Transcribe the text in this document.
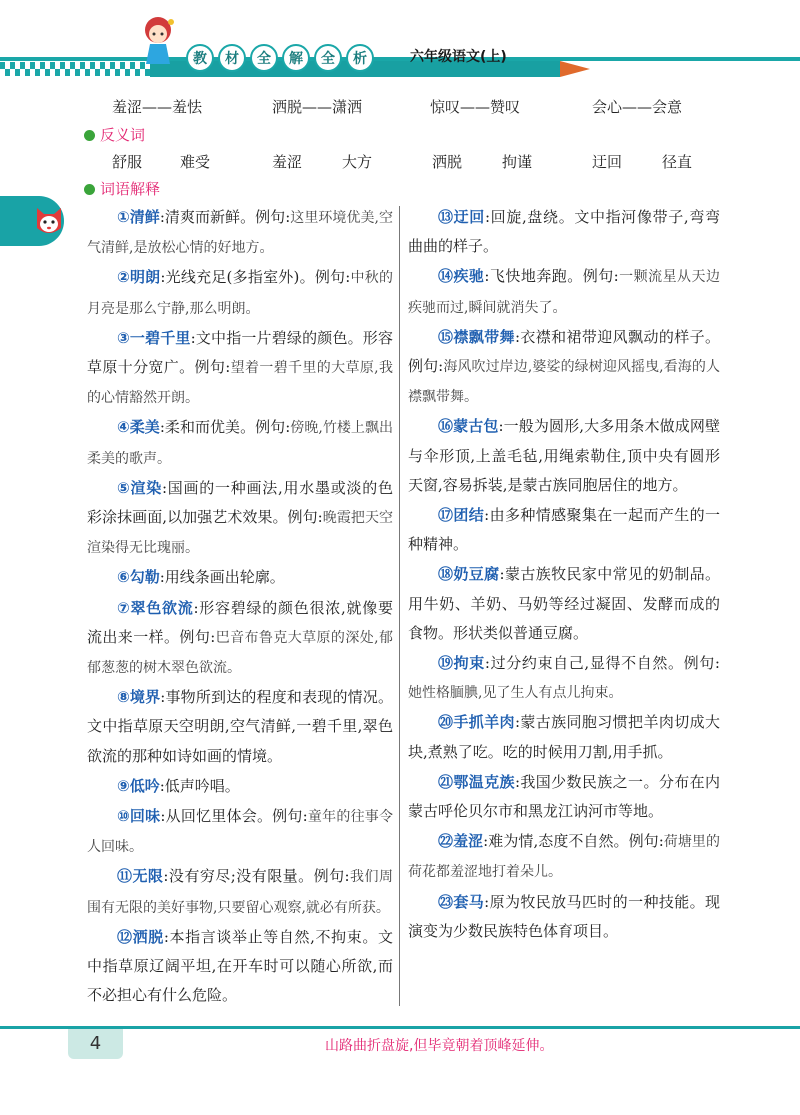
教	材	全	解	全	析	六年级语文(上)
羞涩——羞怯	洒脱——潇洒	惊叹——赞叹	会心——会意
反义词
舒服	难受	羞涩	大方	洒脱	拘谨	迂回	径直
词语解释

①清鲜:清爽而新鲜。例句:这里环境优美,空气清鲜,是放松心情的好地方。

②明朗:光线充足(多指室外)。例句:中秋的月亮是那么宁静,那么明朗。

③一碧千里:文中指一片碧绿的颜色。形容草原十分宽广。例句:望着一碧千里的大草原,我的心情豁然开朗。

④柔美:柔和而优美。例句:傍晚,竹楼上飘出柔美的歌声。

⑤渲染:国画的一种画法,用水墨或淡的色彩涂抹画面,以加强艺术效果。例句:晚霞把天空渲染得无比瑰丽。

⑥勾勒:用线条画出轮廓。

⑦翠色欲流:形容碧绿的颜色很浓,就像要流出来一样。例句:巴音布鲁克大草原的深处,郁郁葱葱的树木翠色欲流。

⑧境界:事物所到达的程度和表现的情况。文中指草原天空明朗,空气清鲜,一碧千里,翠色欲流的那种如诗如画的情境。

⑨低吟:低声吟唱。

⑩回味:从回忆里体会。例句:童年的往事令人回味。

⑪无限:没有穷尽;没有限量。例句:我们周围有无限的美好事物,只要留心观察,就必有所获。

⑫洒脱:本指言谈举止等自然,不拘束。文中指草原辽阔平坦,在开车时可以随心所欲,而不必担心有什么危险。

⑬迂回:回旋,盘绕。文中指河像带子,弯弯曲曲的样子。

⑭疾驰:飞快地奔跑。例句:一颗流星从天边疾驰而过,瞬间就消失了。

⑮襟飘带舞:衣襟和裙带迎风飘动的样子。例句:海风吹过岸边,婆娑的绿树迎风摇曳,看海的人襟飘带舞。

⑯蒙古包:一般为圆形,大多用条木做成网壁与伞形顶,上盖毛毡,用绳索勒住,顶中央有圆形天窗,容易拆装,是蒙古族同胞居住的地方。

⑰团结:由多种情感聚集在一起而产生的一种精神。

⑱奶豆腐:蒙古族牧民家中常见的奶制品。用牛奶、羊奶、马奶等经过凝固、发酵而成的食物。形状类似普通豆腐。

⑲拘束:过分约束自己,显得不自然。例句:她性格腼腆,见了生人有点儿拘束。

⑳手抓羊肉:蒙古族同胞习惯把羊肉切成大块,煮熟了吃。吃的时候用刀割,用手抓。

㉑鄂温克族:我国少数民族之一。分布在内蒙古呼伦贝尔市和黑龙江讷河市等地。

㉒羞涩:难为情,态度不自然。例句:荷塘里的荷花都羞涩地打着朵儿。

㉓套马:原为牧民放马匹时的一种技能。现演变为少数民族特色体育项目。

4	山路曲折盘旋,但毕竟朝着顶峰延伸。
